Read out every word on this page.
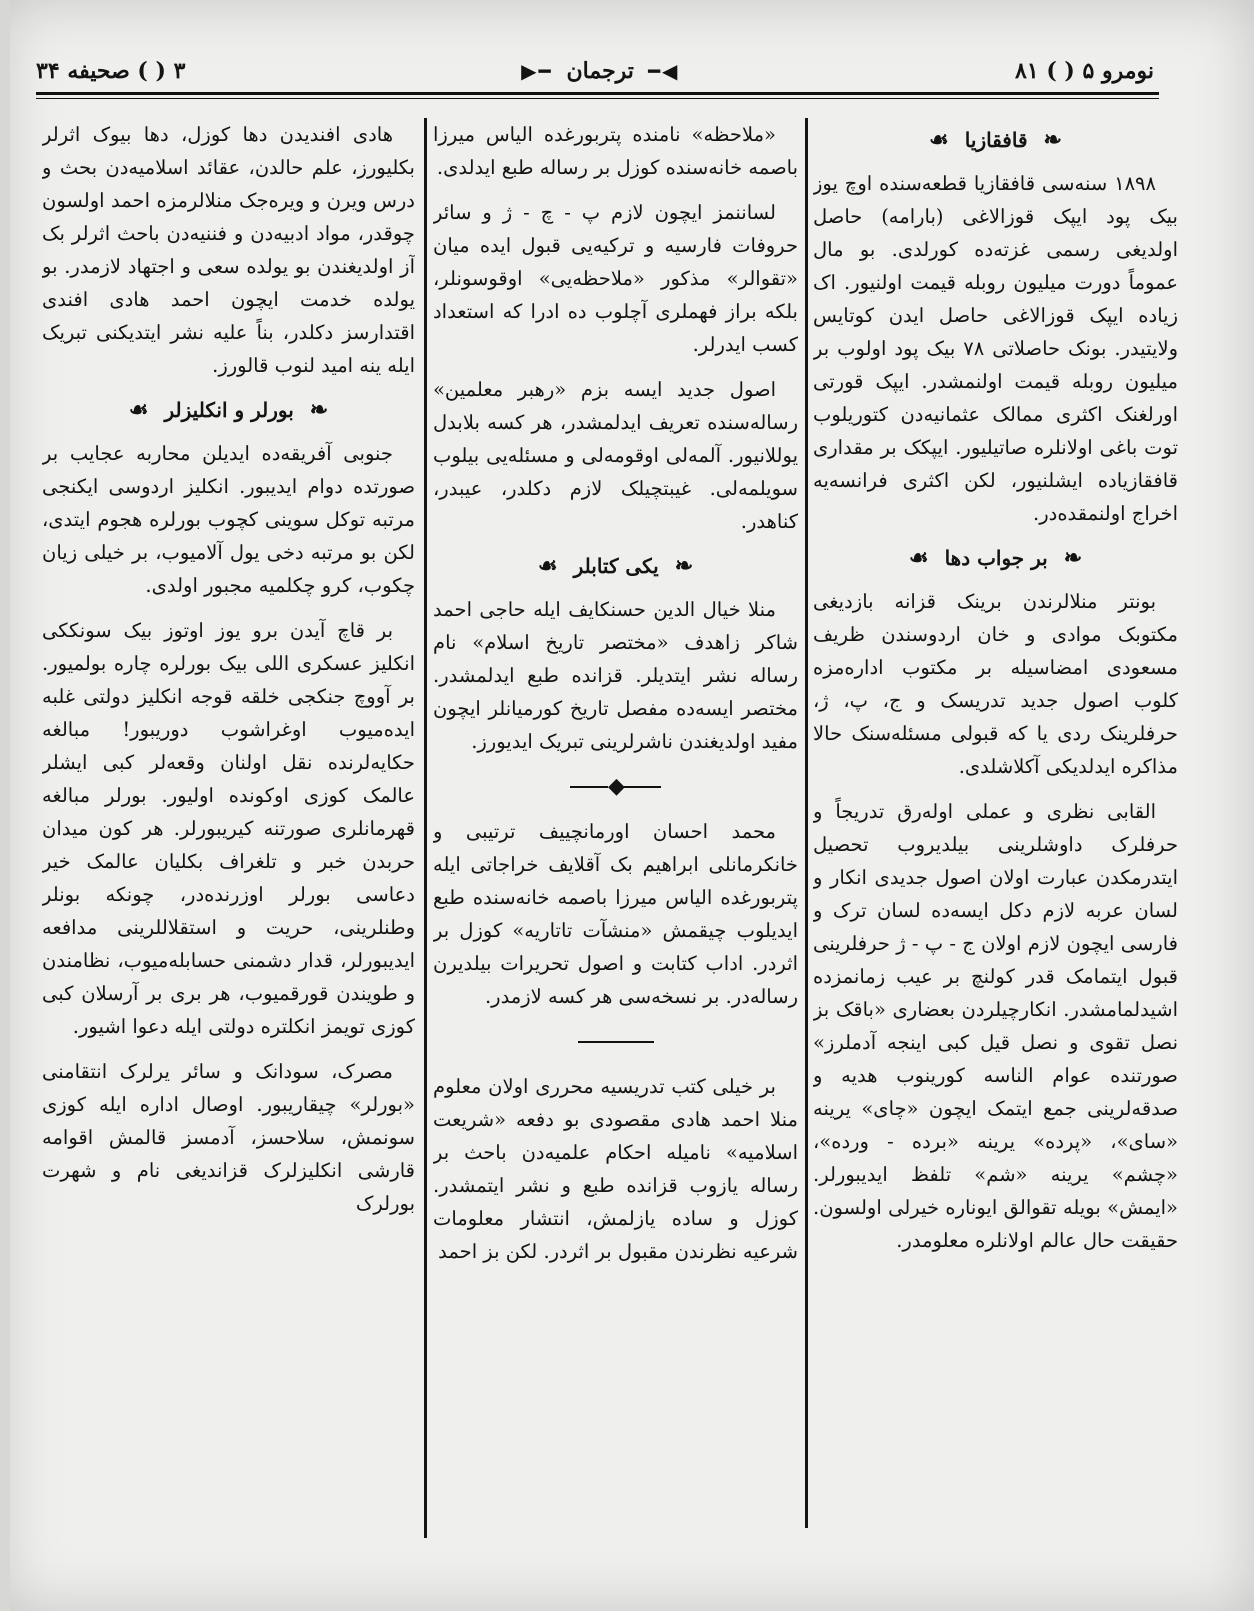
نومرو ۵ ( ) ۸۱
◀━
ترجمان
━▶
۳ ( ) صحیفه ۳۴
❧
قافقازیا
☙

۱۸۹۸ سنه‌سی قافقازیا قطعه‌سنده اوچ یوز بیک پود ایپک قوزالاغی (بارامه) حاصل اولدیغی رسمی غزته‌ده کورلدی. بو مال عموماً دورت میلیون روبله قیمت اولنیور. اک زیاده ایپک قوزالاغی حاصل ایدن کوتایس ولایتیدر. بونک حاصلاتی ۷۸ بیک پود اولوب بر میلیون روبله قیمت اولنمشدر. ایپک قورتی اورلغنک اکثری ممالک عثمانیه‌دن کتوریلوب توت باغی اولانلره صاتیلیور. ایپکک بر مقداری قافقازیاده ایشلنیور، لکن اکثری فرانسه‌یه اخراج اولنمقده‌در.

❧
بر جواب دها
☙

بونتر منلالرندن برینک قزانه بازدیغی مکتوبک موادی و خان اردوسندن ظریف مسعودی امضاسیله بر مکتوب اداره‌مزه کلوب اصول جدید تدریسک و ج، پ، ژ، حرفلرینک ردی یا که قبولی مسئله‌سنک حالا مذاکره ایدلدیکی آکلاشلدی.

القابی نظری و عملی اوله‌رق تدریجاً و حرفلرک داوشلرینی بیلدیروب تحصیل ایتدرمکدن عبارت اولان اصول جدیدی انکار و لسان عربه لازم دکل ایسه‌ده لسان ترک و فارسی ایچون لازم اولان ج - پ - ژ حرفلرینی قبول ایتمامک قدر کولنچ بر عیب زمانمزده اشیدلمامشدر. انکارچیلردن بعضاری «باقک بز نصل تقوی و نصل قیل کبی اینجه آدملرز» صورتنده عوام الناسه کورینوب هدیه و صدقه‌لرینی جمع ایتمک ایچون «چای» یرینه «سای»، «پرده» یرینه «برده - ورده»، «چشم» یرینه «شم» تلفظ ایدیبورلر. «ایمش» بویله تقوالق ایوناره خیرلی اولسون. حقیقت حال عالم اولانلره معلومدر.

«ملاحظه» نامنده پتربورغده الیاس میرزا باصمه خانه‌سنده کوزل بر رساله طبع ایدلدی.

لساننمز ایچون لازم پ - چ - ژ و سائر حروفات فارسیه و ترکیه‌یی قبول ایده میان «تقوالر» مذکور «ملاحظه‌یی» اوقوسونلر، بلکه براز فهملری آچلوب ده ادرا که استعداد کسب ایدرلر.

اصول جدید ایسه بزم «رهبر معلمین» رساله‌سنده تعریف ایدلمشدر، هر کسه بلابدل یوللانیور. آلمه‌لی اوقومه‌لی و مسئله‌یی بیلوب سویلمه‌لی. غیبتچیلک لازم دکلدر، عیبدر، کناهدر.

❧
یکی کتابلر
☙

منلا خیال الدین حسنکایف ایله حاجی احمد شاکر زاهدف «مختصر تاریخ اسلام» نام رساله نشر ایتدیلر. قزانده طبع ایدلمشدر. مختصر ایسه‌ده مفصل تاریخ کورمیانلر ایچون مفید اولدیغندن ناشرلرینی تبریک ایدیورز.

◆

محمد احسان اورمانچییف ترتیبی و خانکرمانلی ابراهیم بک آقلایف خراجاتی ایله پتربورغده الیاس میرزا باصمه خانه‌سنده طبع ایدیلوب چیقمش «منشآت تاتاریه» کوزل بر اثردر. اداب کتابت و اصول تحریرات بیلدیرن رساله‌در. بر نسخه‌سی هر کسه لازمدر.

بر خیلی کتب تدریسیه محرری اولان معلوم منلا احمد هادی مقصودی بو دفعه «شریعت اسلامیه» نامیله احکام علمیه‌دن باحث بر رساله یازوب قزانده طبع و نشر ایتمشدر. کوزل و ساده یازلمش، انتشار معلومات شرعیه نظرندن مقبول بر اثردر. لکن بز احمد

هادی افندیدن دها کوزل، دها بیوک اثرلر بکلیورز، علم حالدن، عقائد اسلامیه‌دن بحث و درس ویرن و ویره‌جک منلالرمزه احمد اولسون چوقدر، مواد ادبیه‌دن و فننیه‌دن باحث اثرلر بک آز اولدیغندن بو یولده سعی و اجتهاد لازمدر. بو یولده خدمت ایچون احمد هادی افندی اقتدارسز دکلدر، بناً علیه نشر ایتدیکنی تبریک ایله ینه امید لنوب قالورز.

❧
بورلر و انکلیزلر
☙

جنوبی آفریقه‌ده ایدیلن محاربه عجایب بر صورتده دوام ایدیبور. انکلیز اردوسی ایکنجی مرتبه توکل سوینی کچوب بورلره هجوم ایتدی، لکن بو مرتبه دخی یول آلامیوب، بر خیلی زیان چکوب، کرو چکلمیه مجبور اولدی.

بر قاچ آیدن برو یوز اوتوز بیک سونککی انکلیز عسکری اللی بیک بورلره چاره بولمیور. بر آووچ جنکجی خلقه قوجه انکلیز دولتی غلبه ایده‌میوب اوغراشوب دوریبور! مبالغه حکایه‌لرنده نقل اولنان وقعه‌لر کبی ایشلر عالمک کوزی اوکونده اولیور. بورلر مبالغه قهرمانلری صورتنه کیریبورلر. هر کون میدان حربدن خبر و تلغراف بکلیان عالمک خیر دعاسی بورلر اوزرنده‌در، چونکه بونلر وطنلرینی، حریت و استقلاللرینی مدافعه ایدیبورلر، قدار دشمنی حسابله‌میوب، نظامندن و طویندن قورقمیوب، هر بری بر آرسلان کبی کوزی تویمز انکلتره دولتی ایله دعوا اشیور.

مصرک، سودانک و سائر یرلرک انتقامنی «بورلر» چیقاریبور. اوصال اداره ایله کوزی سونمش، سلاحسز، آدمسز قالمش اقوامه قارشی انکلیزلرک قزاندیغی نام و شهرت بورلرک
